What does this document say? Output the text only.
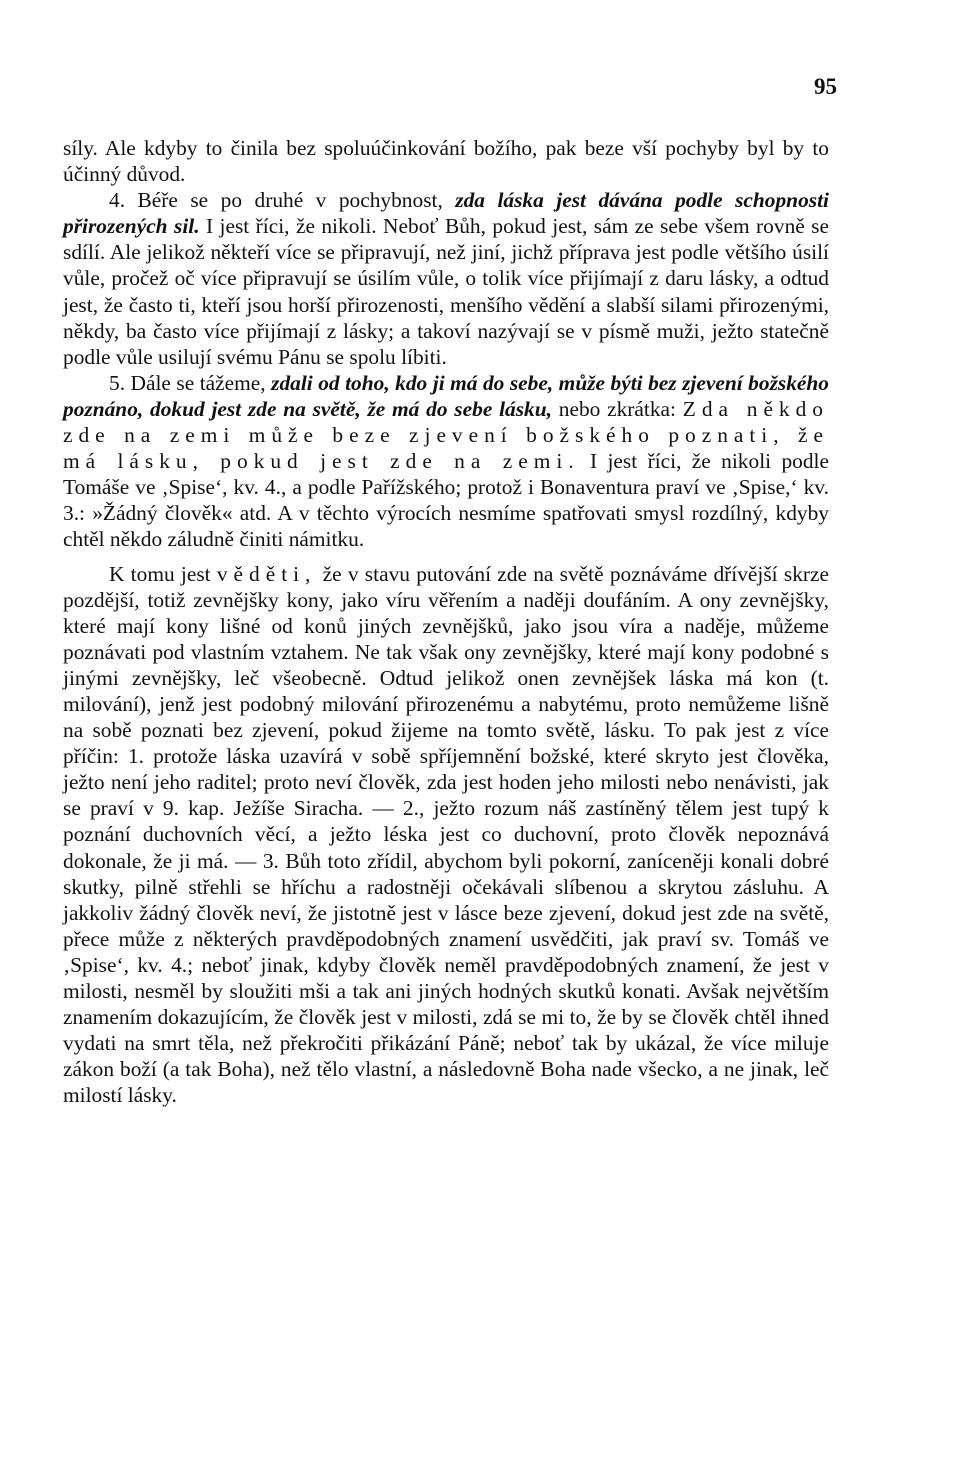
95

síly. Ale kdyby to činila bez spoluúčinkování božího, pak beze vší pochyby byl by to účinný důvod.

4. Béře se po druhé v pochybnost, zda láska jest dávána podle schopnosti přirozených sil. I jest říci, že nikoli. Neboť Bůh, pokud jest, sám ze sebe všem rovně se sdílí. Ale jelikož někteří více se připravují, než jiní, jichž příprava jest podle většího úsilí vůle, pročež oč více připravují se úsilím vůle, o tolik více přijímají z daru lásky, a odtud jest, že často ti, kteří jsou horší přirozenosti, menšího vědění a slabší silami přirozenými, někdy, ba často více přijímají z lásky; a takoví nazývají se v písmě muži, ježto statečně podle vůle usilují svému Pánu se spolu líbiti.

5. Dále se tážeme, zdali od toho, kdo ji má do sebe, může býti bez zjevení božského poznáno, dokud jest zde na světě, že má do sebe lásku, nebo zkrátka: Zda někdo zde na zemi může beze zjevení božského poznati, že má lásku, pokud jest zde na zemi. I jest říci, že nikoli podle Tomáše ve ‚Spise‘, kv. 4., a podle Pařížského; protož i Bonaventura praví ve ‚Spise,‘ kv. 3.: »Žádný člověk« atd. A v těchto výrocích nesmíme spatřovati smysl rozdílný, kdyby chtěl někdo záludně činiti námitku.

K tomu jest věděti, že v stavu putování zde na světě poznáváme dřívější skrze pozdější, totiž zevnějšky kony, jako víru věřením a naději doufáním. A ony zevnějšky, které mají kony lišné od konů jiných zevnějšků, jako jsou víra a naděje, můžeme poznávati pod vlastním vztahem. Ne tak však ony zevnějšky, které mají kony podobné s jinými zevnějšky, leč všeobecně. Odtud jelikož onen zevnějšek láska má kon (t. milování), jenž jest podobný milování přirozenému a nabytému, proto nemůžeme lišně na sobě poznati bez zjevení, pokud žijeme na tomto světě, lásku. To pak jest z více příčin: 1. protože láska uzavírá v sobě spříjemnění božské, které skryto jest člověka, ježto není jeho raditel; proto neví člověk, zda jest hoden jeho milosti nebo nenávisti, jak se praví v 9. kap. Ježíše Siracha. — 2., ježto rozum náš zastíněný tělem jest tupý k poznání duchovních věcí, a ježto léska jest co duchovní, proto člověk nepoznává dokonale, že ji má. — 3. Bůh toto zřídil, abychom byli pokorní, zaníceněji konali dobré skutky, pilně střehli se hříchu a radostněji očekávali slíbenou a skrytou zásluhu. A jakkoliv žádný člověk neví, že jistotně jest v lásce beze zjevení, dokud jest zde na světě, přece může z některých pravděpodobných znamení usvědčiti, jak praví sv. Tomáš ve ‚Spise‘, kv. 4.; neboť jinak, kdyby člověk neměl pravděpodobných znamení, že jest v milosti, nesměl by sloužiti mši a tak ani jiných hodných skutků konati. Avšak největším znamením dokazujícím, že člověk jest v milosti, zdá se mi to, že by se člověk chtěl ihned vydati na smrt těla, než překročiti přikázání Páně; neboť tak by ukázal, že více miluje zákon boží (a tak Boha), než tělo vlastní, a následovně Boha nade všecko, a ne jinak, leč milostí lásky.
